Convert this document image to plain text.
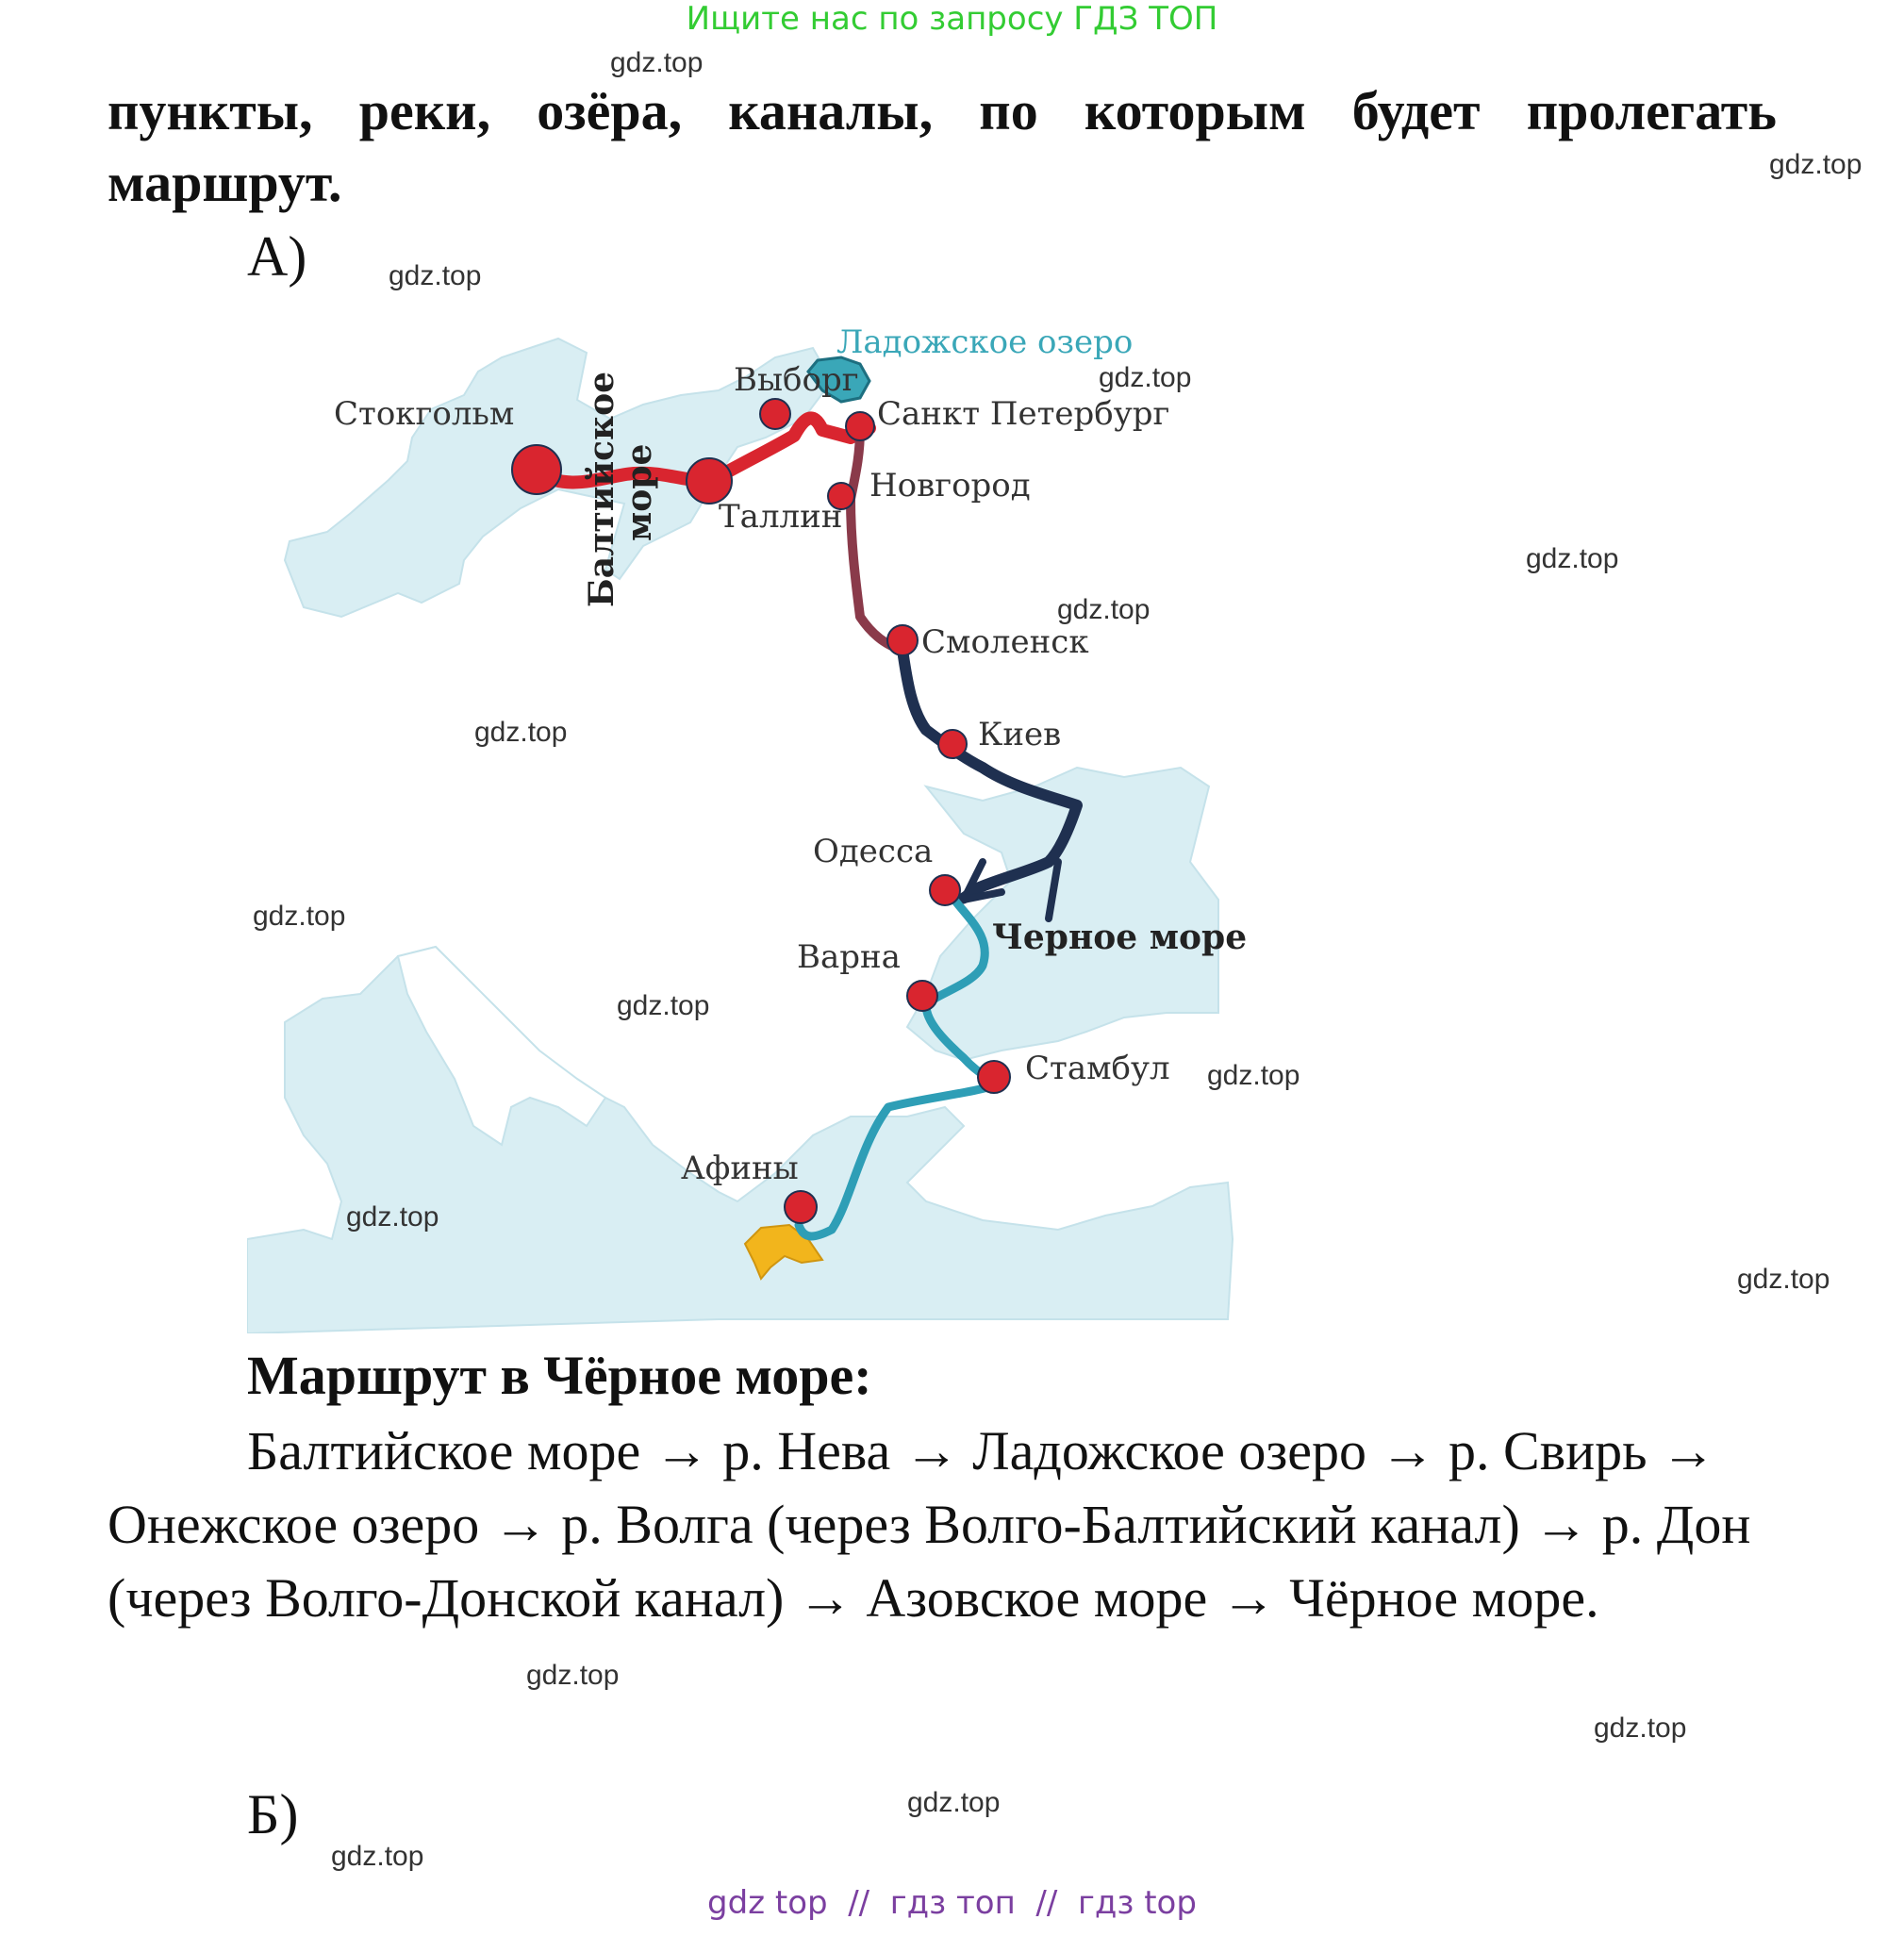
Ищите нас по запросу ГДЗ ТОП
пункты, реки, озёра, каналы, по которым будет пролегать
маршрут.
А)
Ладожское озеро
Стокгольм
Выборг
Санкт Петербург
Таллин
Новгород
Смоленск
Киев
Одесса
Варна
Стамбул
Афины
Черное море
Балтийское
море
Маршрут в Чёрное море:
Балтийское море → р. Нева → Ладожское озеро → р. Свирь → Онежское озеро → р. Волга (через Волго-Балтийский канал) → р. Дон (через Волго-Донской канал) → Азовское море → Чёрное море.
Б)
gdz.top
gdz.top
gdz.top
gdz.top
gdz.top
gdz.top
gdz.top
gdz.top
gdz.top
gdz.top
gdz.top
gdz.top
gdz.top
gdz.top
gdz.top
gdz.top
gdz top  //  гдз топ  //  гдз top
